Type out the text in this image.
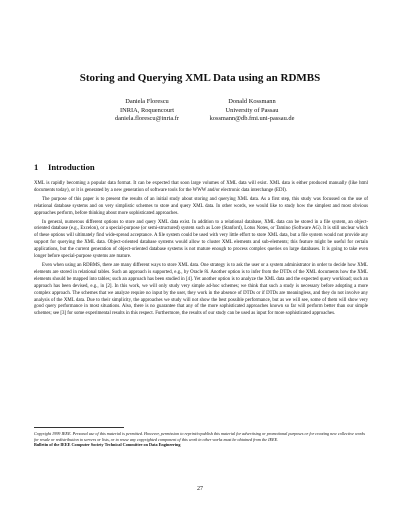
Storing and Querying XML Data using an RDMBS
Daniela Florescu
INRIA, Roquencourt
daniela.florescu@inria.fr
Donald Kossmann
University of Passau
kossmann@db.fmi.uni-passau.de
1 Introduction

XML is rapidly becoming a popular data format. It can be expected that soon large volumes of XML data will exist. XML data is either produced manually (like html documents today), or it is generated by a new generation of software tools for the WWW and/or electronic data interchange (EDI).

The purpose of this paper is to present the results of an initial study about storing and querying XML data. As a first step, this study was focussed on the use of relational database systems and on very simplistic schemes to store and query XML data. In other words, we would like to study how the simplest and most obvious approaches perform, before thinking about more sophisticated approaches.

In general, numerous different options to store and query XML data exist. In addition to a relational database, XML data can be stored in a file system, an object-oriented database (e.g., Excelon), or a special-purpose (or semi-structured) system such as Lore (Stanford), Lotus Notes, or Tamino (Software AG). It is still unclear which of these options will ultimately find wide-spread acceptance. A file system could be used with very little effort to store XML data, but a file system would not provide any support for querying the XML data. Object-oriented database systems would allow to cluster XML elements and sub-elements; this feature might be useful for certain applications, but the current generation of object-oriented database systems is not mature enough to process complex queries on large databases. It is going to take even longer before special-purpose systems are mature.

Even when using an RDBMS, there are many different ways to store XML data. One strategy is to ask the user or a system administrator in order to decide how XML elements are stored in relational tables. Such an approach is supported, e.g., by Oracle 8i. Another option is to infer from the DTDs of the XML documents how the XML elements should be mapped into tables; such an approach has been studied in [4]. Yet another option is to analyze the XML data and the expected query workload; such an approach has been devised, e.g., in [2]. In this work, we will only study very simple ad-hoc schemes; we think that such a study is necessary before adopting a more complex approach. The schemes that we analyze require no input by the user, they work in the absence of DTDs or if DTDs are meaningless, and they do not involve any analysis of the XML data. Due to their simplicity, the approaches we study will not show the best possible performance, but as we will see, some of them will show very good query performance in most situations. Also, there is no guarantee that any of the more sophisticated approaches known so far will perform better than our simple schemes; see [3] for some experimental results in this respect. Furthermore, the results of our study can be used as input for more sophisticated approaches.

Copyright 1999 IEEE. Personal use of this material is permitted. However, permission to reprint/republish this material for advertising or promotional purposes or for creating new collective works for resale or redistribution to servers or lists, or to reuse any copyrighted component of this work in other works must be obtained from the IEEE.
Bulletin of the IEEE Computer Society Technical Committee on Data Engineering
27
